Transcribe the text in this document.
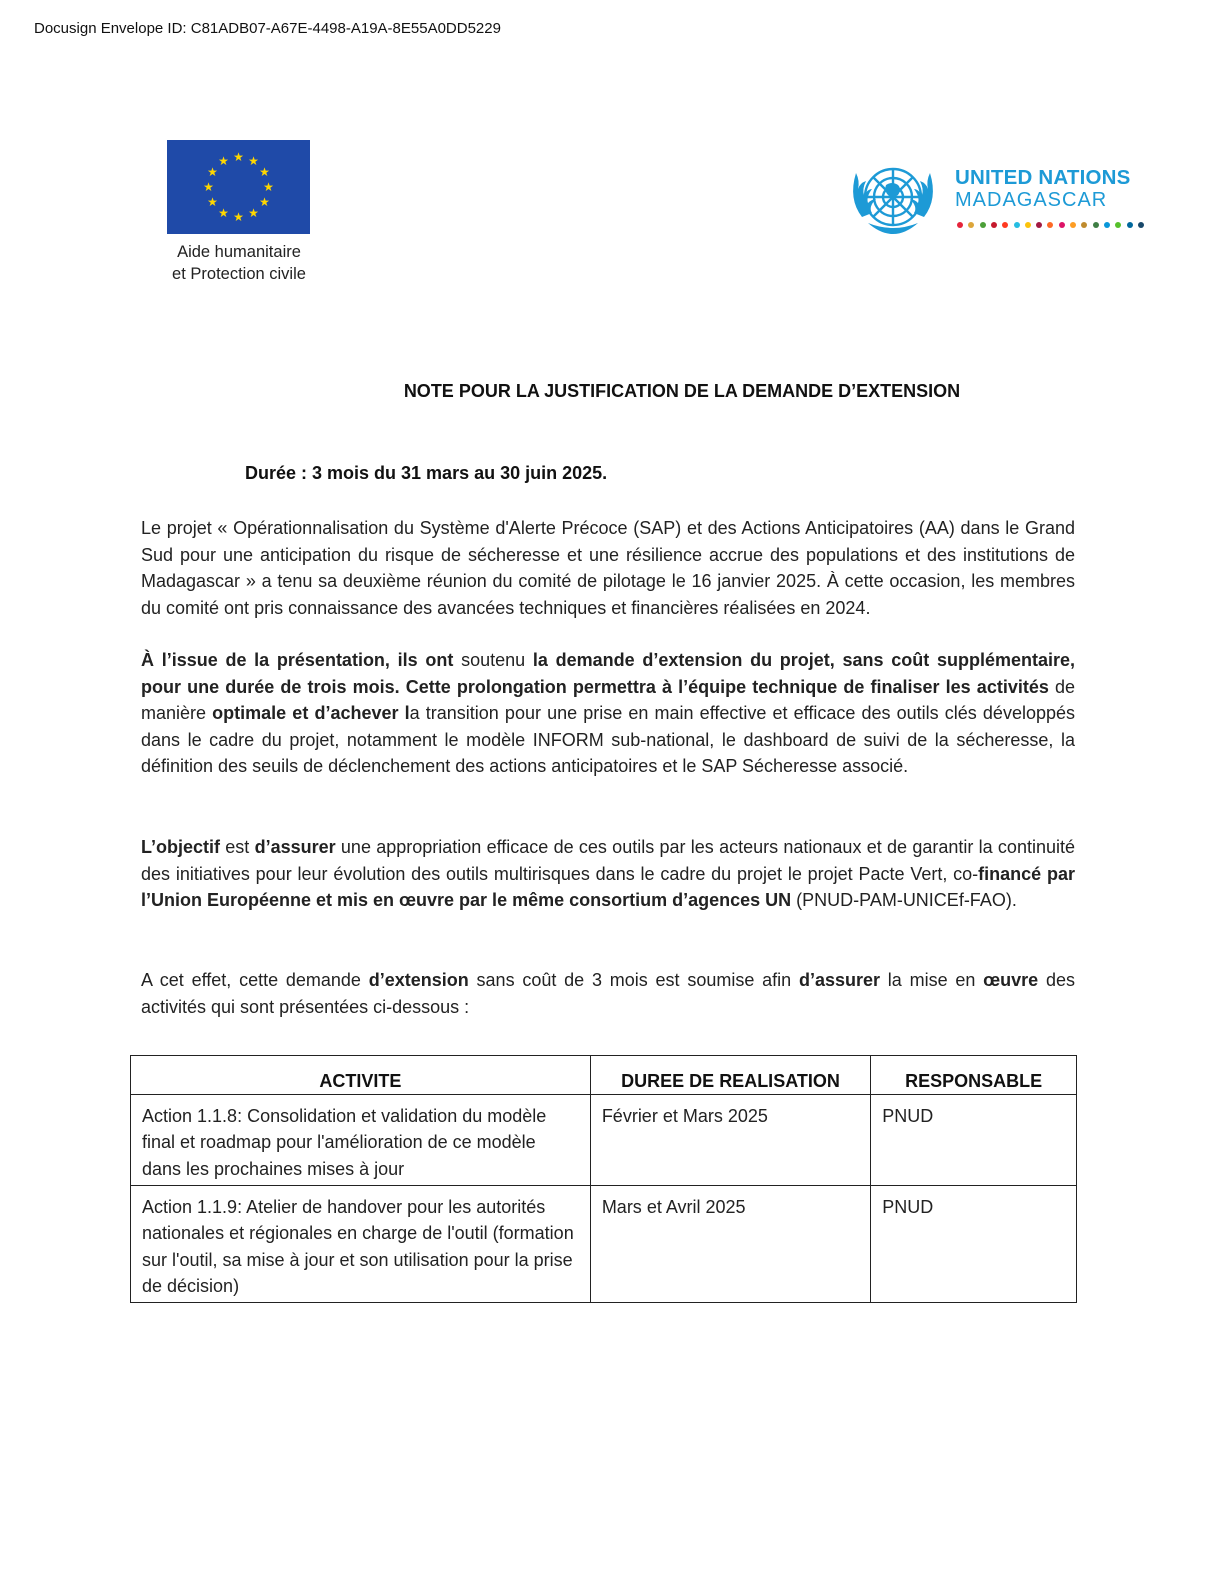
Docusign Envelope ID: C81ADB07-A67E-4498-A19A-8E55A0DD5229
★ ★
★
★
★
★
★
★
★
★
★
★
Aide humanitaire
et Protection civile
UNITED NATIONS
MADAGASCAR
NOTE POUR LA JUSTIFICATION DE LA DEMANDE D’EXTENSION
Durée : 3 mois du 31 mars au 30 juin 2025.
Le projet « Opérationnalisation du Système d'Alerte Précoce (SAP) et des Actions Anticipatoires (AA) dans le Grand Sud pour une anticipation du risque de sécheresse et une résilience accrue des populations et des institutions de Madagascar » a tenu sa deuxième réunion du comité de pilotage le 16 janvier 2025. À cette occasion, les membres du comité ont pris connaissance des avancées techniques et financières réalisées en 2024.
À l’issue de la présentation, ils ont soutenu la demande d’extension du projet, sans coût supplémentaire, pour une durée de trois mois. Cette prolongation permettra à l’équipe technique de finaliser les activités de manière optimale et d’achever la transition pour une prise en main effective et efficace des outils clés développés dans le cadre du projet, notamment le modèle INFORM sub-national, le dashboard de suivi de la sécheresse, la définition des seuils de déclenchement des actions anticipatoires et le SAP Sécheresse associé.
L’objectif est d’assurer une appropriation efficace de ces outils par les acteurs nationaux et de garantir la continuité des initiatives pour leur évolution des outils multirisques dans le cadre du projet le projet Pacte Vert, co-financé par l’Union Européenne et mis en œuvre par le même consortium d’agences UN (PNUD-PAM-UNICEf-FAO).
A cet effet, cette demande d’extension sans coût de 3 mois est soumise afin d’assurer la mise en œuvre des activités qui sont présentées ci-dessous :
ACTIVITE	DUREE DE REALISATION	RESPONSABLE
Action 1.1.8: Consolidation et validation du modèle final et roadmap pour l'amélioration de ce modèle dans les prochaines mises à jour	Février et Mars 2025	PNUD
Action 1.1.9: Atelier de handover pour les autorités nationales et régionales en charge de l'outil (formation sur l'outil, sa mise à jour et son utilisation pour la prise de décision)	Mars et Avril 2025	PNUD
